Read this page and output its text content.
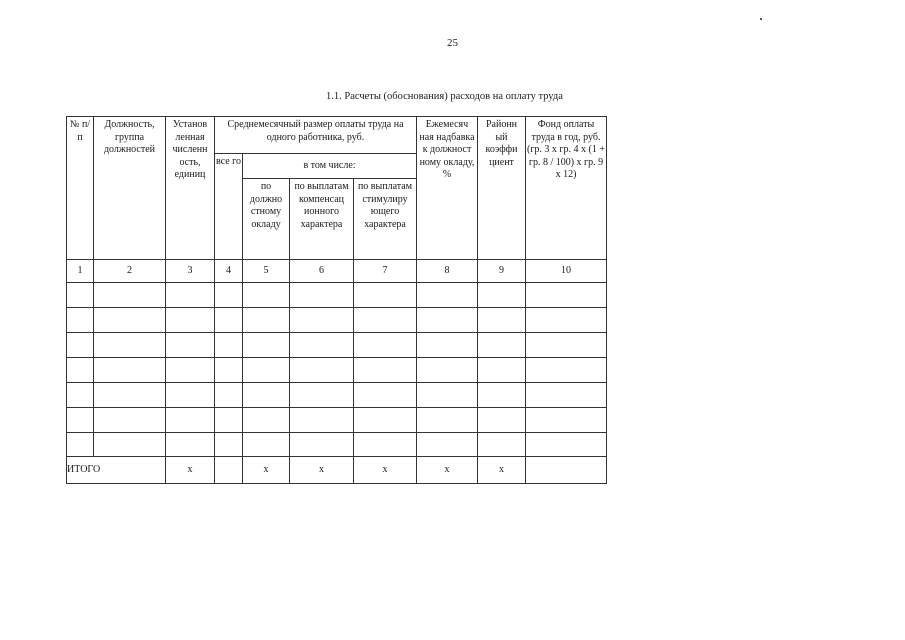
25
1.1. Расчеты (обоснования) расходов на оплату труда
№ п/п	Должность, группа должностей	Установ ленная численн ость, единиц	Среднемесячный размер оплаты труда на одного работника, руб.				Ежемесяч ная надбавка к должност ному окладу, %	Районн ый коэффи циент	Фонд оплаты труда в год, руб. (гр. 3 x гр. 4 x (1 + гр. 8 / 100) x гр. 9 x 12)
			все го	в том числе:					
				по должно стному окладу	по выплатам компенсац ионного характера	по выплатам стимулиру ющего характера			
1	2	3	4	5	6	7	8	9	10

ИТОГО		x		x	x	x	x	x	
